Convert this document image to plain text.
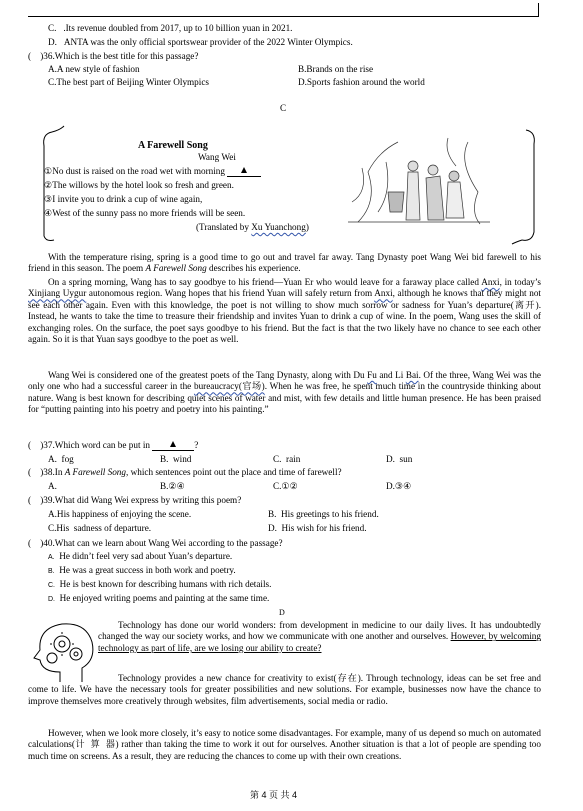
C.   .Its revenue doubled from 2017, up to 10 billion yuan in 2021.
D.   ANTA was the only official sportswear provider of the 2022 Winter Olympics.
(    )36.Which is the best title for this passage?
A.A new style of fashion	B.Brands on the rise
C.The best part of Beijing Winter Olympics	D.Sports fashion around the world
C
A Farewell Song
Wang Wei
①No dust is raised on the road wet with morning
②The willows by the hotel look so fresh and green.
③I invite you to drink a cup of wine again,
④West of the sunny pass no more friends will be seen.
(Translated by Xu Yuanchong)
With the temperature rising, spring is a good time to go out and travel far away. Tang Dynasty poet Wang Wei bid farewell to his friend in this season. The poem A Farewell Song describes his experience.
On a spring morning, Wang has to say goodbye to his friend—Yuan Er who would leave for a faraway place called Anxi, in today’s Xinjiang Uygur autonomous region. Wang hopes that his friend Yuan will safely return from Anxi, although he knows that they might not see each other again. Even with this knowledge, the poet is not willing to show much sorrow or sadness for Yuan’s departure(离开). Instead, he wants to take the time to treasure their friendship and invites Yuan to drink a cup of wine. In the poem, Wang uses the skill of exchanging roles. On the surface, the poet says goodbye to his friend. But the fact is that the two likely have no chance to see each other again. So it is that Yuan says goodbye to the poet as well.
Wang Wei is considered one of the greatest poets of the Tang Dynasty, along with Du Fu and Li Bai. Of the three, Wang Wei was the only one who had a successful career in the bureaucracy(官场). When he was free, he spent much time in the countryside thinking about nature. Wang is best known for describing quiet scenes of water and mist, with few details and little human presence. He has been praised for “putting painting into his poetry and poetry into his painting.”
(    )37.Which word can be put in	?
A.  fog	B.  wind	C.  rain	D.  sun
(    )38.In A Farewell Song, which sentences point out the place and time of farewell?
A.	B.②④	C.①②	D.③④
(    )39.What did Wang Wei express by writing this poem?
A.His happiness of enjoying the scene.	B.  His greetings to his friend.
C.His  sadness of departure.	D.  His wish for his friend.
(    )40.What can we learn about Wang Wei according to the passage?
A. He didn’t feel very sad about Yuan’s departure.
B. He was a great success in both work and poetry.
C. He is best known for describing humans with rich details.
D. He enjoyed writing poems and painting at the same time.
D
Technology has done our world wonders: from development in medicine to our daily lives. It has undoubtedly changed the way our society works, and how we communicate with one another and ourselves. However, by welcoming technology as part of life, are we losing our ability to create?
Technology provides a new chance for creativity to exist(存在). Through technology, ideas can be set free and come to life. We have the necessary tools for greater possibilities and new solutions. For example, businesses now have the chance to improve themselves more creatively through websites, film advertisements, social media or radio.
However, when we look more closely, it’s easy to notice some disadvantages. For example, many of us depend so much on automated calculations(计  算  器) rather than taking the time to work it out for ourselves. Another situation is that a lot of people are spending too much time on screens. As a result, they are reducing the chances to come up with their own creations.
第 4 页 共 4
